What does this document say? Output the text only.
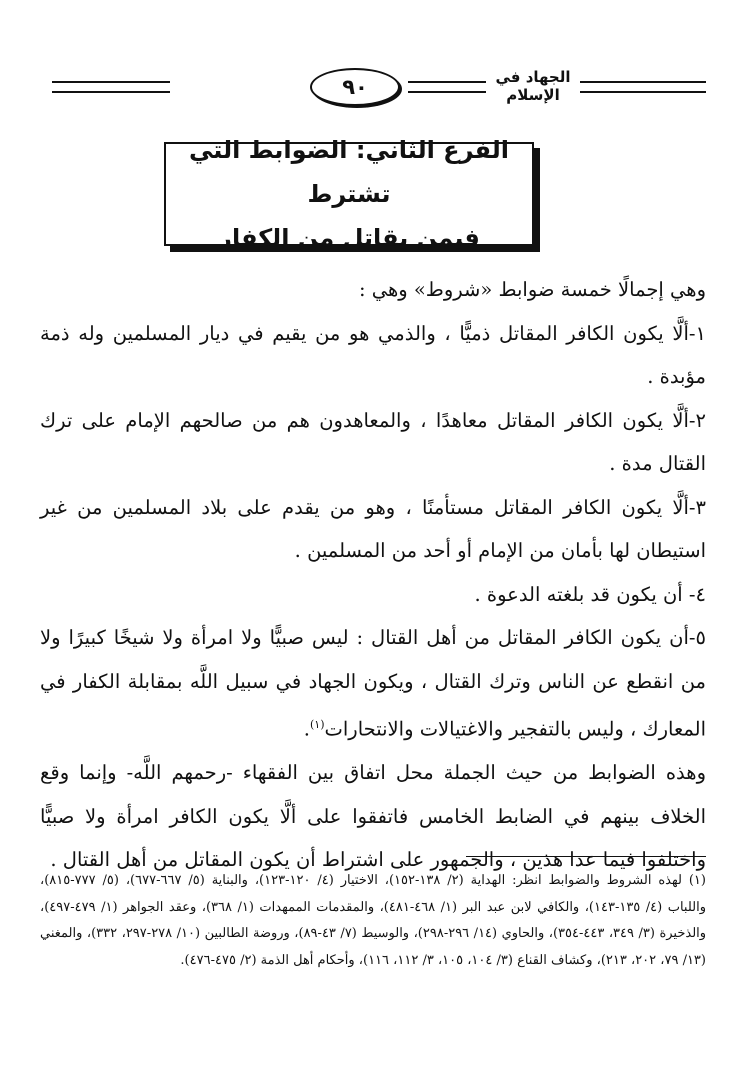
٩٠	الجهاد في الإسلام
الفرع الثاني: الضوابط التي تشترط
فيمن يقاتل من الكفار

وهي إجمالًا خمسة ضوابط «شروط» وهي :

١-ألَّا يكون الكافر المقاتل ذميًّا ، والذمي هو من يقيم في ديار المسلمين وله ذمة مؤبدة .

٢-ألَّا يكون الكافر المقاتل معاهدًا ، والمعاهدون هم من صالحهم الإمام على ترك القتال مدة .

٣-ألَّا يكون الكافر المقاتل مستأمنًا ، وهو من يقدم على بلاد المسلمين من غير استيطان لها بأمان من الإمام أو أحد من المسلمين .

٤- أن يكون قد بلغته الدعوة .

٥-أن يكون الكافر المقاتل من أهل القتال : ليس صبيًّا ولا امرأة ولا شيخًا كبيرًا ولا من انقطع عن الناس وترك القتال ، ويكون الجهاد في سبيل اللَّه بمقابلة الكفار في المعارك ، وليس بالتفجير والاغتيالات والانتحارات$^{(١)}$.

وهذه الضوابط من حيث الجملة محل اتفاق بين الفقهاء -رحمهم اللَّه- وإنما وقع الخلاف بينهم في الضابط الخامس فاتفقوا على ألَّا يكون الكافر امرأة ولا صبيًّا واختلفوا فيما عدا هذين ، والجمهور على اشتراط أن يكون المقاتل من أهل القتال .

(١) لهذه الشروط والضوابط انظر: الهداية (٢/ ١٣٨-١٥٢)، الاختيار (٤/ ١٢٠-١٢٣)، والبناية (٥/ ٦٦٧-٦٧٧)، (٥/ ٧٧٧-٨١٥)، واللباب (٤/ ١٣٥-١٤٣)، والكافي لابن عبد البر (١/ ٤٦٨-٤٨١)، والمقدمات الممهدات (١/ ٣٦٨)، وعقد الجواهر (١/ ٤٧٩-٤٩٧)، والذخيرة (٣/ ٣٤٩، ٤٤٣-٣٥٤)، والحاوي (١٤/ ٢٩٦-٢٩٨)، والوسيط (٧/ ٤٣-٨٩)، وروضة الطالبين (١٠/ ٢٧٨-٢٩٧، ٣٣٢)، والمغني (١٣/ ٧٩، ٢٠٢، ٢١٣)، وكشاف القناع (٣/ ١٠٤، ١٠٥، ٣/ ١١٢، ١١٦)، وأحكام أهل الذمة (٢/ ٤٧٥-٤٧٦).
